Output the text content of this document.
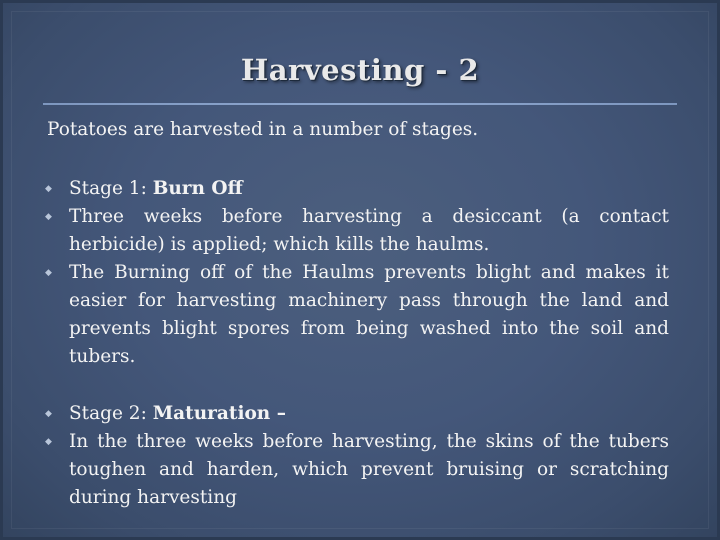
Harvesting - 2
Potatoes are harvested in a number of stages.
◆ Stage 1: Burn Off
◆ Three weeks before harvesting a desiccant (a contact herbicide) is applied; which kills the haulms.
◆ The Burning off of the Haulms prevents blight and makes it easier for harvesting machinery pass through the land and prevents blight spores from being washed into the soil and tubers.
◆ Stage 2: Maturation –
◆ In the three weeks before harvesting, the skins of the tubers toughen and harden, which prevent bruising or scratching during harvesting
